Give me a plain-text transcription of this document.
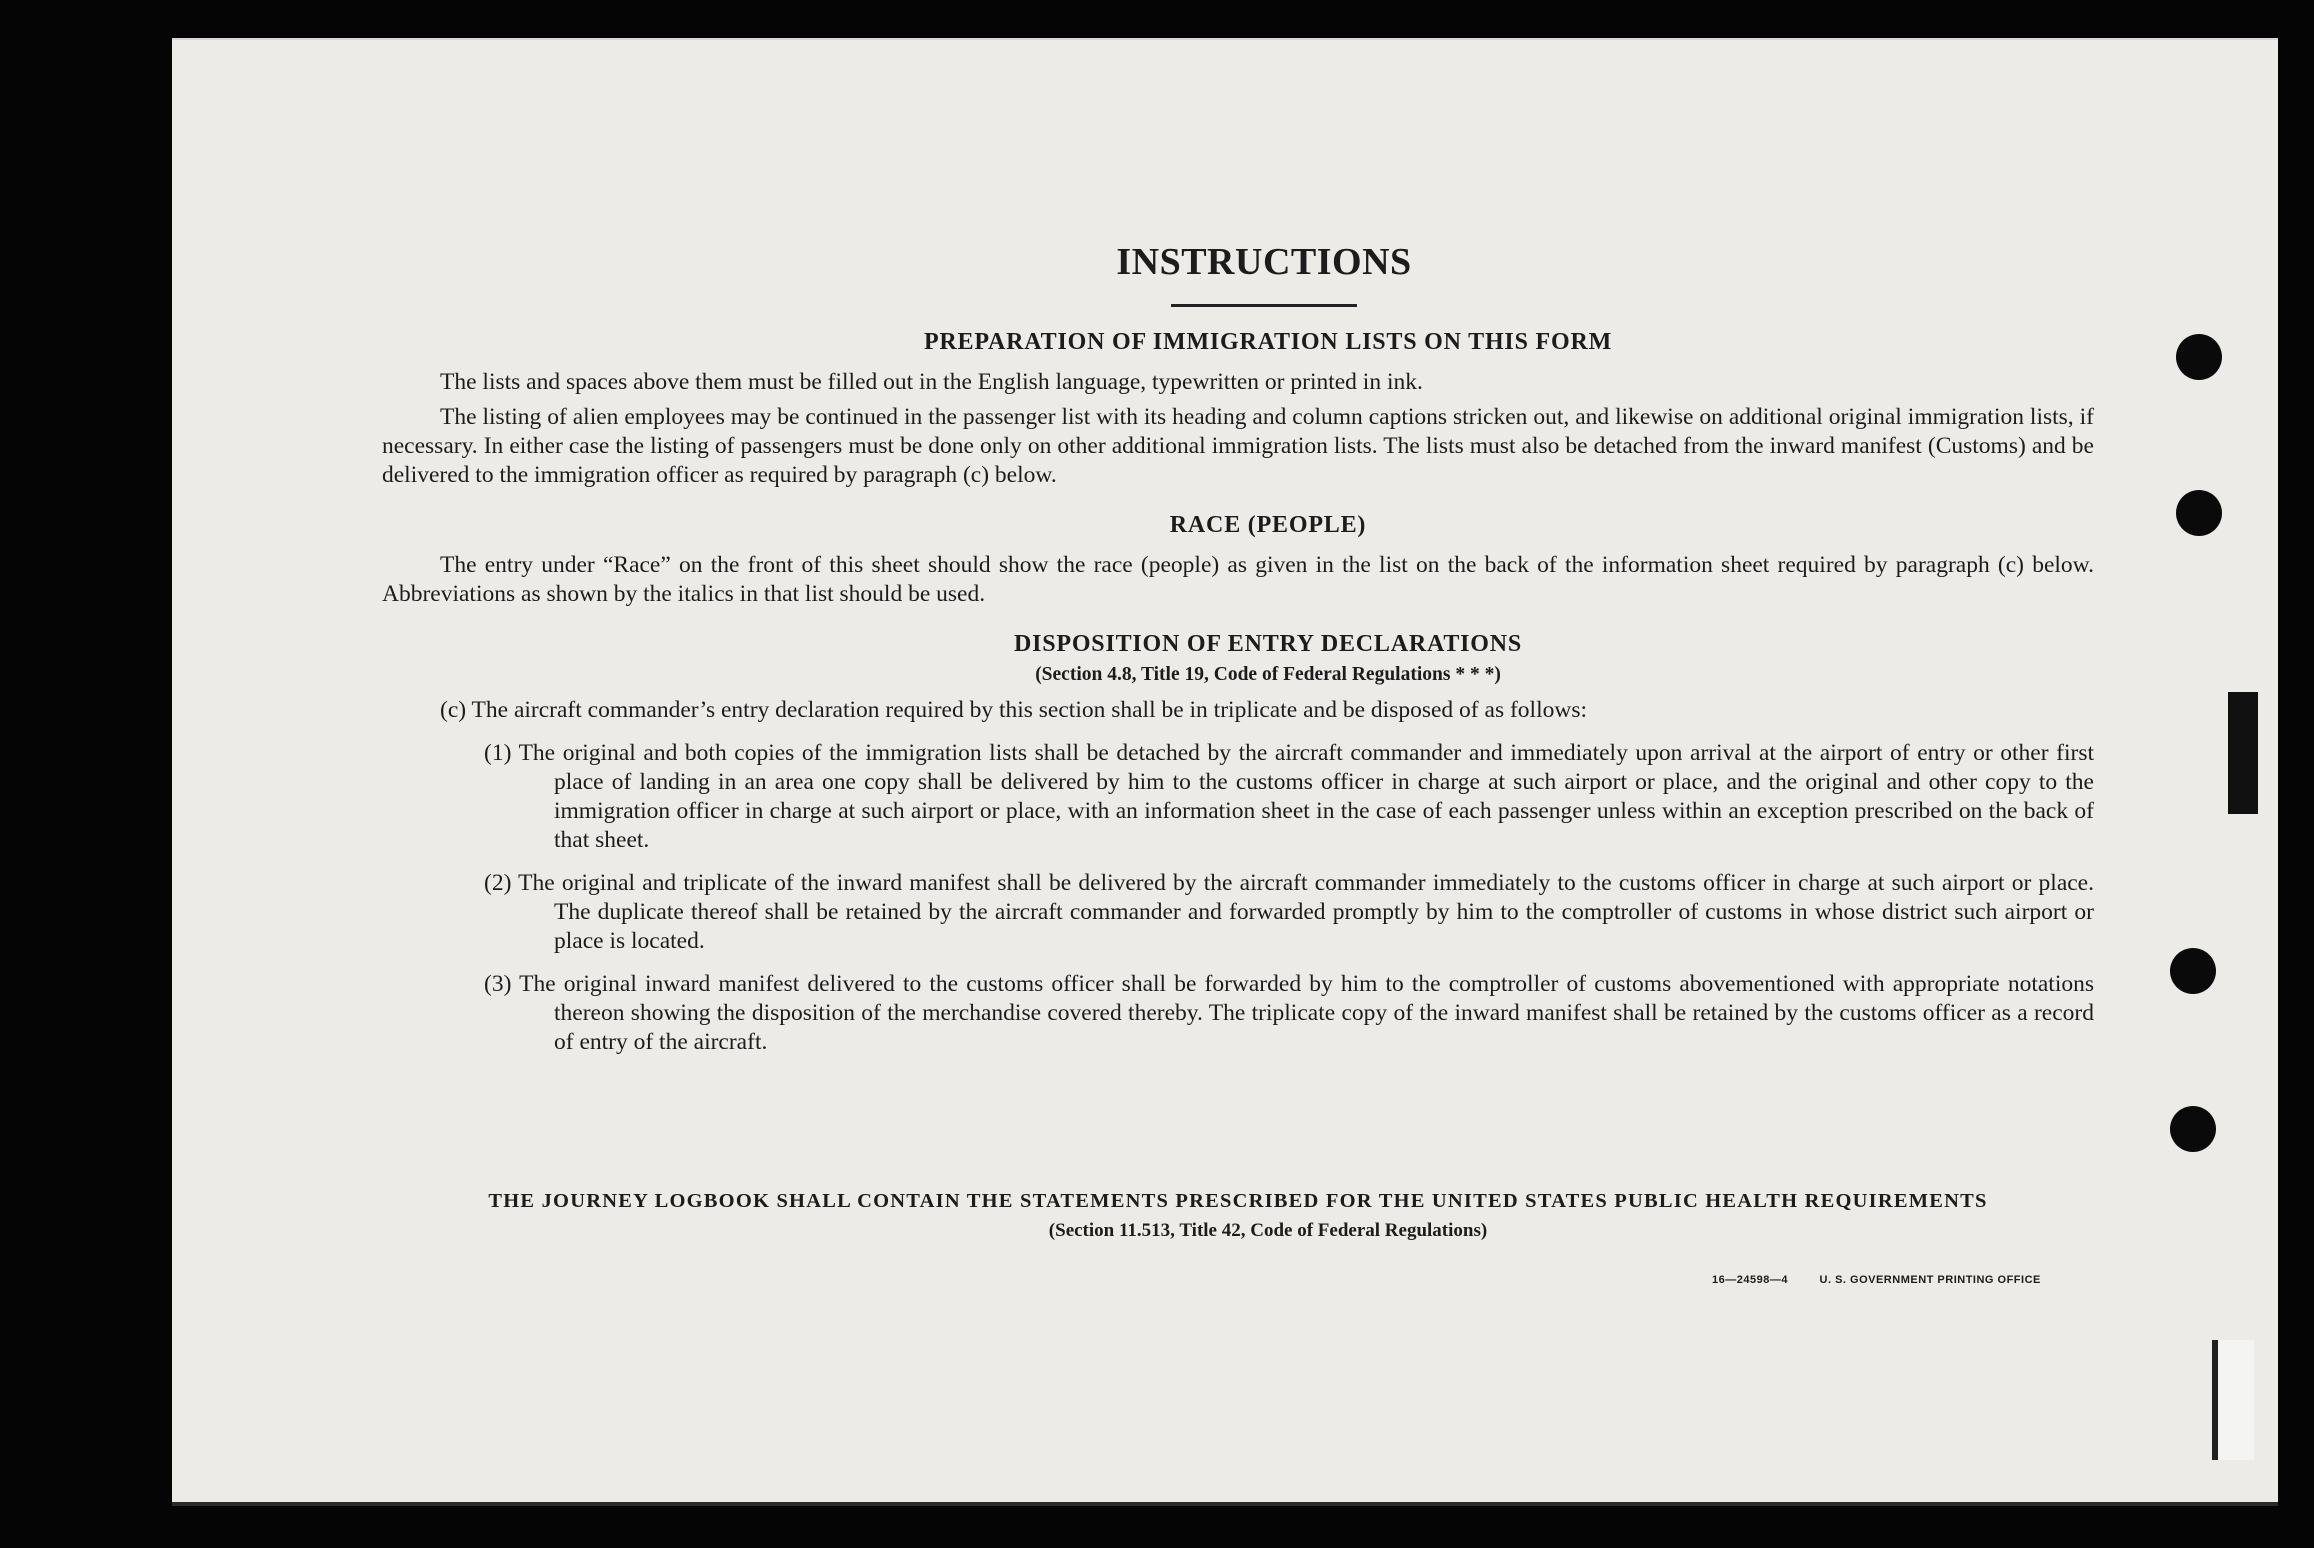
INSTRUCTIONS
PREPARATION OF IMMIGRATION LISTS ON THIS FORM

The lists and spaces above them must be filled out in the English language, typewritten or printed in ink.

The listing of alien employees may be continued in the passenger list with its heading and column captions stricken out, and likewise on additional original immigration lists, if necessary. In either case the listing of passengers must be done only on other additional immigration lists. The lists must also be detached from the inward manifest (Customs) and be delivered to the immigration officer as required by paragraph (c) below.

RACE (PEOPLE)

The entry under “Race” on the front of this sheet should show the race (people) as given in the list on the back of the information sheet required by paragraph (c) below. Abbreviations as shown by the italics in that list should be used.

DISPOSITION OF ENTRY DECLARATIONS
(Section 4.8, Title 19, Code of Federal Regulations * * *)

(c) The aircraft commander’s entry declaration required by this section shall be in triplicate and be disposed of as follows:

(1) The original and both copies of the immigration lists shall be detached by the aircraft commander and immediately upon arrival at the airport of entry or other first place of landing in an area one copy shall be delivered by him to the customs officer in charge at such airport or place, and the original and other copy to the immigration officer in charge at such airport or place, with an information sheet in the case of each passenger unless within an exception prescribed on the back of that sheet.

(2) The original and triplicate of the inward manifest shall be delivered by the aircraft commander immediately to the customs officer in charge at such airport or place. The duplicate thereof shall be retained by the aircraft commander and forwarded promptly by him to the comptroller of customs in whose district such airport or place is located.

(3) The original inward manifest delivered to the customs officer shall be forwarded by him to the comptroller of customs abovementioned with appropriate notations thereon showing the disposition of the merchandise covered thereby. The triplicate copy of the inward manifest shall be retained by the customs officer as a record of entry of the aircraft.

THE JOURNEY LOGBOOK SHALL CONTAIN THE STATEMENTS PRESCRIBED FOR THE UNITED STATES PUBLIC HEALTH REQUIREMENTS
(Section 11.513, Title 42, Code of Federal Regulations)
16—24598—4	U. S. GOVERNMENT PRINTING OFFICE
